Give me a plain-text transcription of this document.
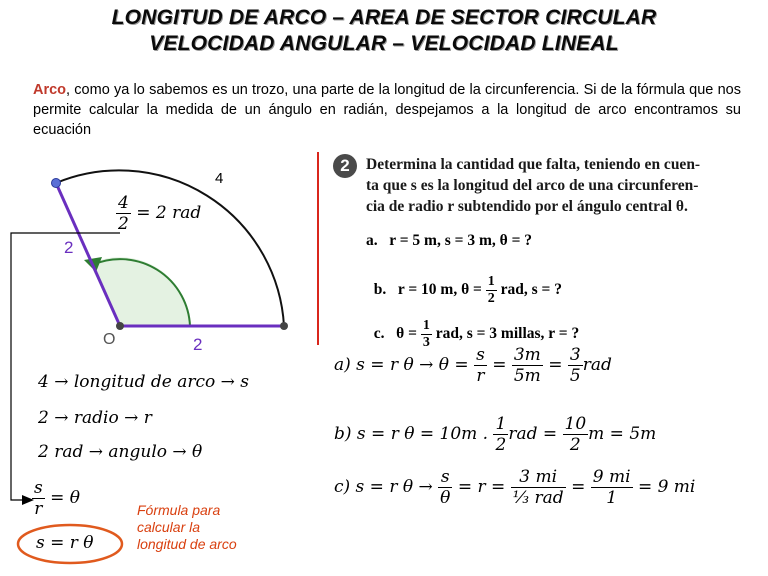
LONGITUD DE ARCO – AREA DE SECTOR CIRCULAR
VELOCIDAD ANGULAR – VELOCIDAD LINEAL
Arco, como ya lo sabemos es un trozo, una parte de la longitud de la circunferencia. Si de la fórmula que nos permite calcular la medida de un ángulo en radián, despejamos a la longitud de arco encontramos su ecuación
4
2
2
O
$\frac{4}{2} = 2$ rad
4 → longitud de arco → s
2 → radio → r
2 rad → angulo → θ
$\frac{s}{r} = \theta$
s = r θ
Fórmula para
calcular la
longitud de arco
2	Determina la cantidad que falta, teniendo en cuen-
ta que s es la longitud del arco de una circunferen-
cia de radio r subtendido por el ángulo central θ.
a.   r = 5 m, s = 3 m, θ = ?

b.   r = 10 m, $\theta = \frac{1}{2}$ rad, s = ?

c.   $\theta = \frac{1}{3}$ rad, s = 3 millas, r = ?

a) s = r $\theta \to \theta = \frac{s}{r} = \frac{3m}{5m} = \frac{3}{5}$ rad
b) s = r θ = 10m . $\frac{1}{2}$ rad = $\frac{10}{2}$ m = 5m
c) s = r $\theta \to \frac{s}{\theta} = r = \frac{3 mi}{\text{⅓ rad}} = \frac{9 mi}{1} = 9$ mi
